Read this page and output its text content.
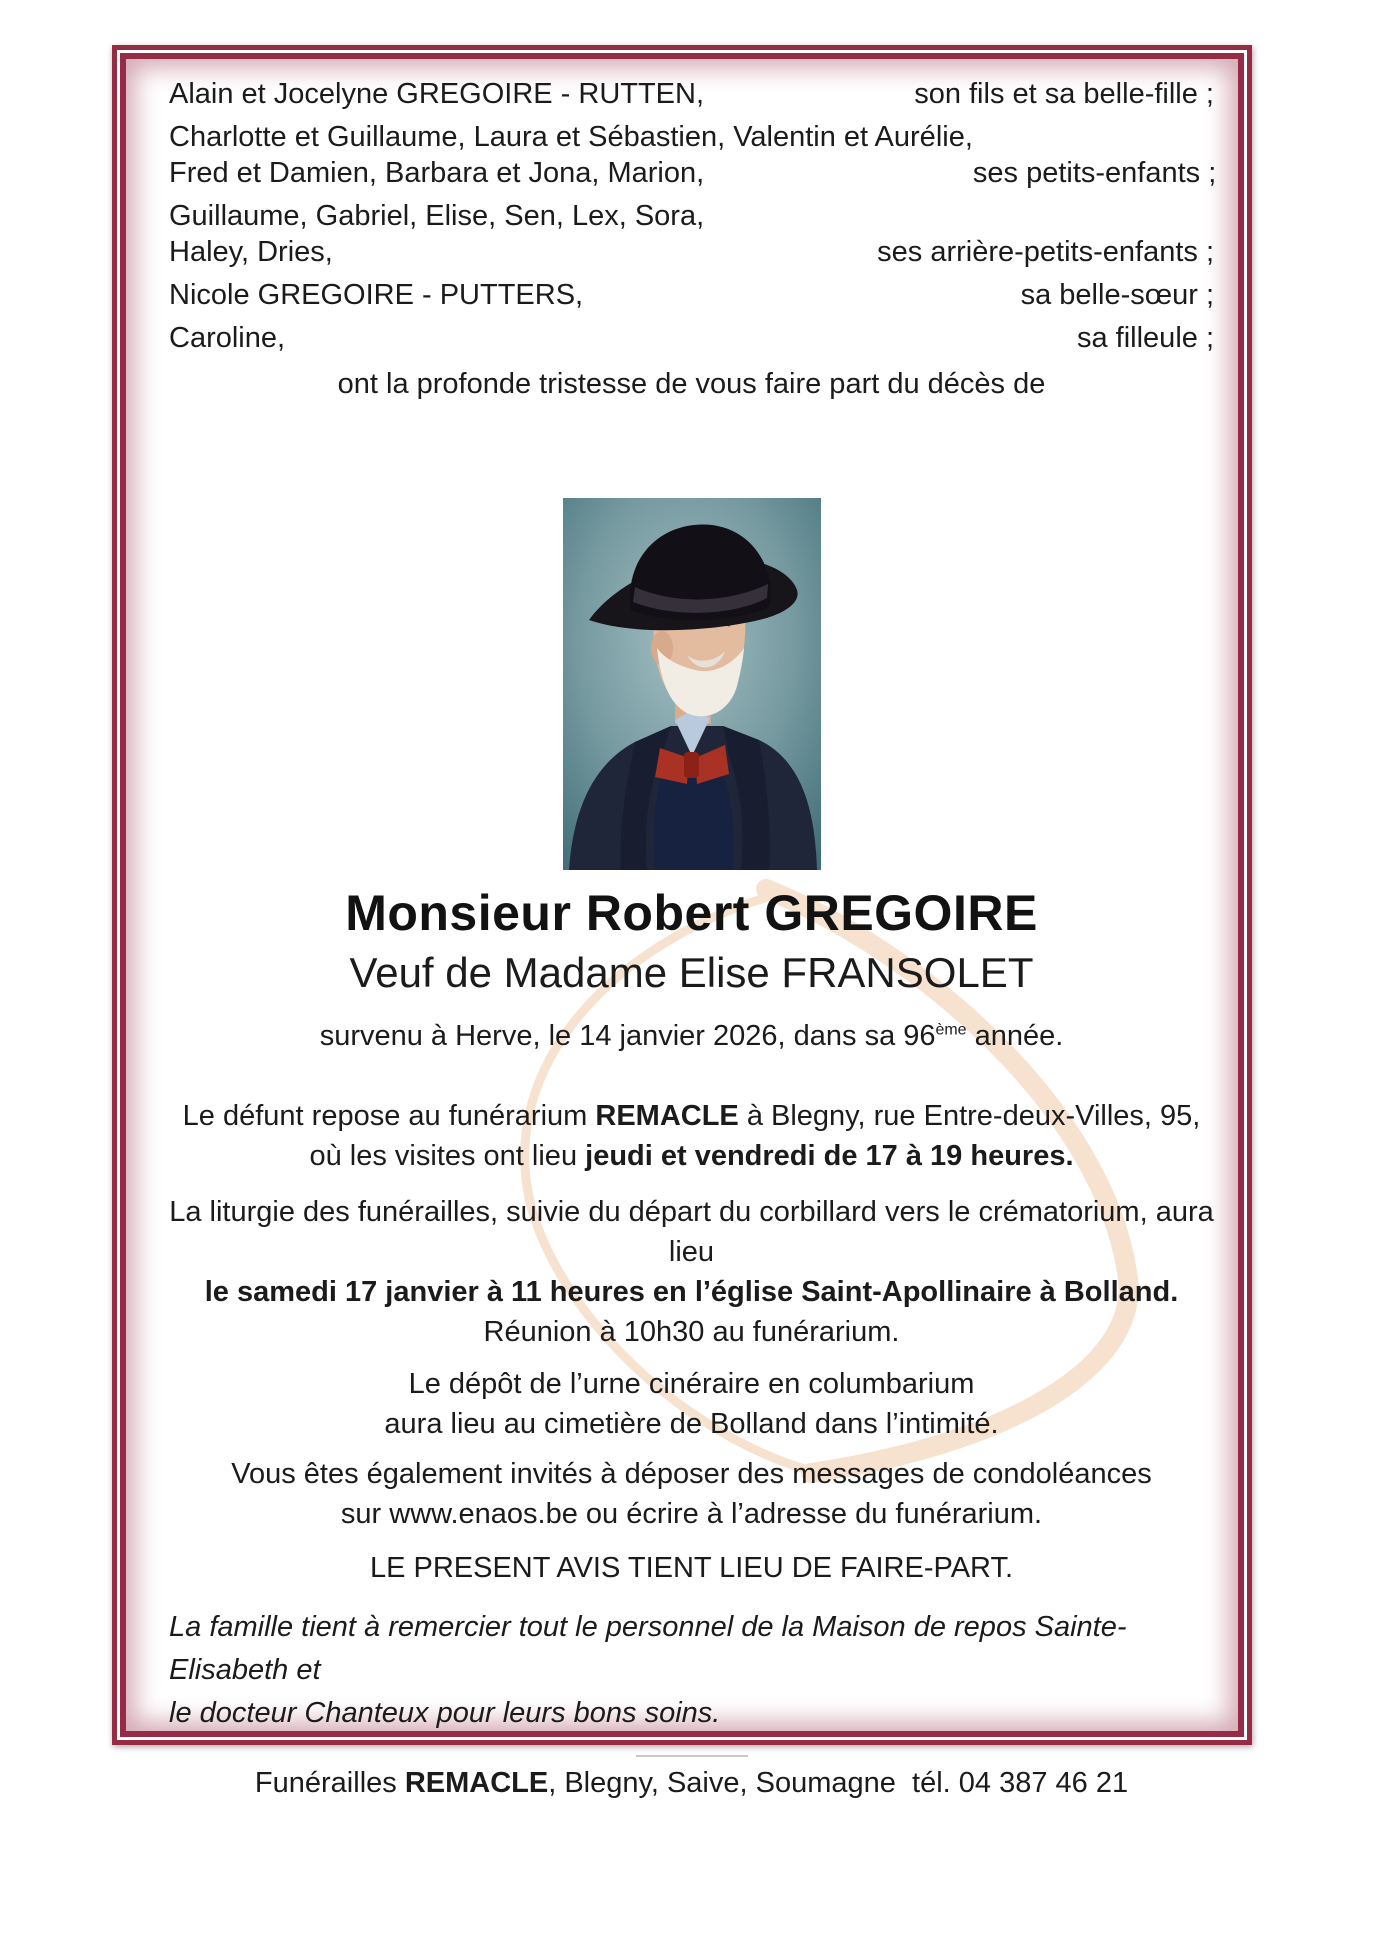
Alain et Jocelyne GREGOIRE - RUTTEN,	son fils et sa belle-fille ;
Charlotte et Guillaume, Laura et Sébastien, Valentin et Aurélie,
Fred et Damien, Barbara et Jona, Marion,	ses petits-enfants ;
Guillaume, Gabriel, Elise, Sen, Lex, Sora,
Haley, Dries,	ses arrière-petits-enfants ;
Nicole GREGOIRE - PUTTERS,	sa belle-sœur ;
Caroline,	sa filleule ;
ont la profonde tristesse de vous faire part du décès de
Monsieur Robert GREGOIRE
Veuf de Madame Elise FRANSOLET
survenu à Herve, le 14 janvier 2026, dans sa 96ème année.
Le défunt repose au funérarium REMACLE à Blegny, rue Entre-deux-Villes, 95,
où les visites ont lieu jeudi et vendredi de 17 à 19 heures.
La liturgie des funérailles, suivie du départ du corbillard vers le crématorium, aura lieu
le samedi 17 janvier à 11 heures en l’église Saint-Apollinaire à Bolland.
Réunion à 10h30 au funérarium.
Le dépôt de l’urne cinéraire en columbarium
aura lieu au cimetière de Bolland dans l’intimité.
Vous êtes également invités à déposer des messages de condoléances
sur www.enaos.be ou écrire à l’adresse du funérarium.
LE PRESENT AVIS TIENT LIEU DE FAIRE-PART.
La famille tient à remercier tout le personnel de la Maison de repos Sainte-Elisabeth et
le docteur Chanteux pour leurs bons soins.
Funérailles REMACLE, Blegny, Saive, Soumagne  tél. 04 387 46 21
